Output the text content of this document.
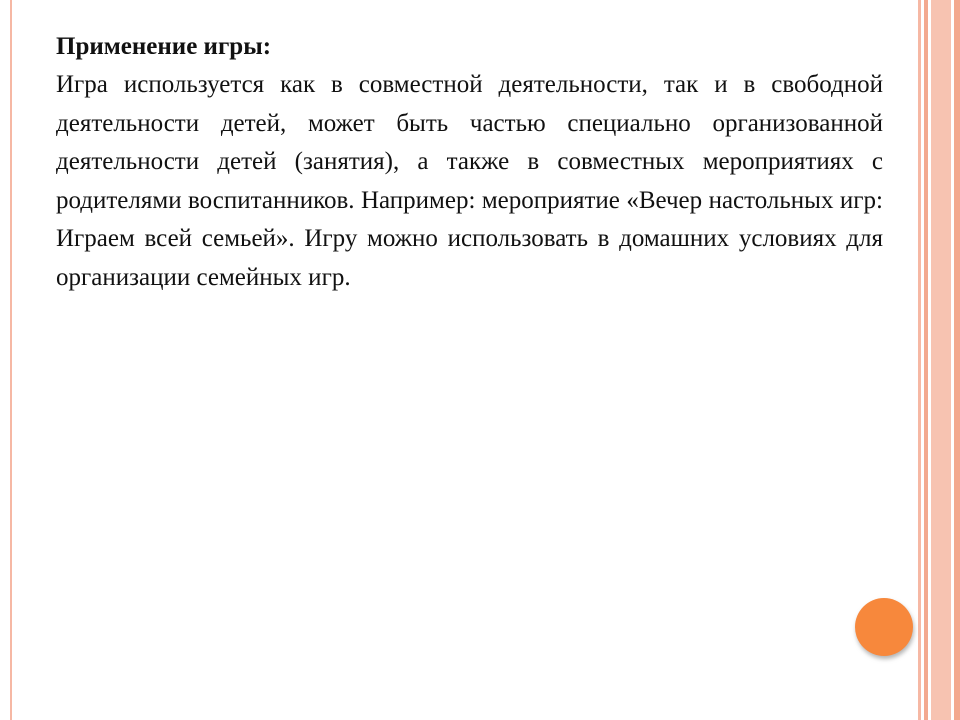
Применение игры:

Игра используется как в совместной деятельности, так и в свободной деятельности детей, может быть частью специально организованной деятельности детей (занятия), а также в совместных мероприятиях с родителями воспитанников. Например: мероприятие «Вечер настольных игр: Играем всей семьей». Игру можно использовать в домашних условиях для организации семейных игр.
